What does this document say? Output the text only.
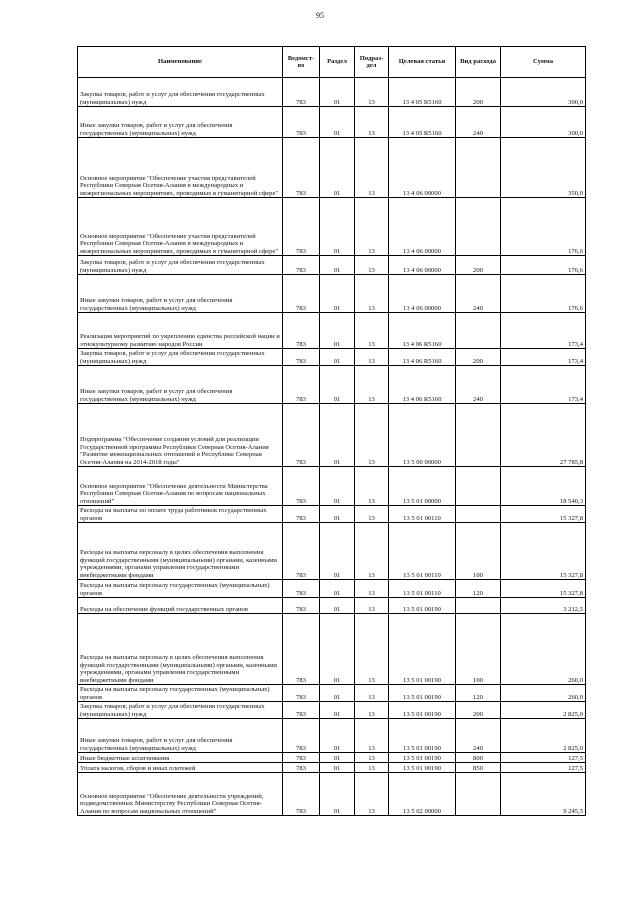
95
Наименование	Ведомст-во	Раздел	Подраз-дел	Целевая статья	Вид расхода	Сумма
Закупка товаров, работ и услуг для обеспечения государственных (муниципальных) нужд	783	01	13	13 4 05 R5160	200	300,0
Иные закупки товаров, работ и услуг для обеспечения государственных (муниципальных) нужд	783	01	13	13 4 05 R5160	240	300,0
Основное мероприятие "Обеспечение участия представителей Республики Северная Осетия-Алания в международных и межрегиональных мероприятиях, проводимых в гуманитарной сфере"	783	01	13	13 4 06 00000		350,0
Основное мероприятие "Обеспечение участия представителей Республики Северная Осетия-Алания в международных и межрегиональных мероприятиях, проводимых в гуманитарной сфере"	783	01	13	13 4 06 00000		176,6
Закупка товаров, работ и услуг для обеспечения государственных (муниципальных) нужд	783	01	13	13 4 06 00000	200	176,6
Иные закупки товаров, работ и услуг для обеспечения государственных (муниципальных) нужд	783	01	13	13 4 06 00000	240	176,6
Реализация мероприятий по укреплению единства российской нации и этнокультурному развитию народов России	783	01	13	13 4 06 R5160		173,4
Закупка товаров, работ и услуг для обеспечения государственных (муниципальных) нужд	783	01	13	13 4 06 R5160	200	173,4
Иные закупки товаров, работ и услуг для обеспечения государственных (муниципальных) нужд	783	01	13	13 4 06 R5160	240	173,4
Подпрограмма "Обеспечение создания условий для реализации Государственной программы Республики Северная Осетия-Алания "Развитие межнациональных отношений в Республике Северная Осетия-Алания на 2014-2018 годы"	783	01	13	13 5 00 00000		27 785,8
Основное мероприятие "Обеспечение деятельности Министерства Республики Северная Осетия-Алания по вопросам национальных отношений"	783	01	13	13 5 01 00000		18 540,3
Расходы на выплаты по оплате труда работников государственных органов	783	01	13	13 5 01 00110		15 327,8
Расходы на выплаты персоналу в целях обеспечения выполнения функций государственными (муниципальными) органами, казенными учреждениями, органами управления государственными внебюджетными фондами	783	01	13	13 5 01 00110	100	15 327,8
Расходы на выплаты персоналу государственных (муниципальных) органов	783	01	13	13 5 01 00110	120	15 327,8
Расходы на обеспечение функций государственных органов	783	01	13	13 5 01 00190		3 212,5
Расходы на выплаты персоналу в целях обеспечения выполнения функций государственными (муниципальными) органами, казенными учреждениями, органами управления государственными внебюджетными фондами	783	01	13	13 5 01 00190	100	260,0
Расходы на выплаты персоналу государственных (муниципальных) органов	783	01	13	13 5 01 00190	120	260,0
Закупка товаров, работ и услуг для обеспечения государственных (муниципальных) нужд	783	01	13	13 5 01 00190	200	2 825,0
Иные закупки товаров, работ и услуг для обеспечения государственных (муниципальных) нужд	783	01	13	13 5 01 00190	240	2 825,0
Иные бюджетные ассигнования	783	01	13	13 5 01 00190	800	127,5
Уплата налогов, сборов и иных платежей	783	01	13	13 5 01 00190	850	127,5
Основное мероприятие "Обеспечение деятельности учреждений, подведомственных Министерству Республики Северная Осетия-Алания по вопросам национальных отношений"	783	01	13	13 5 02 00000		9 245,5
